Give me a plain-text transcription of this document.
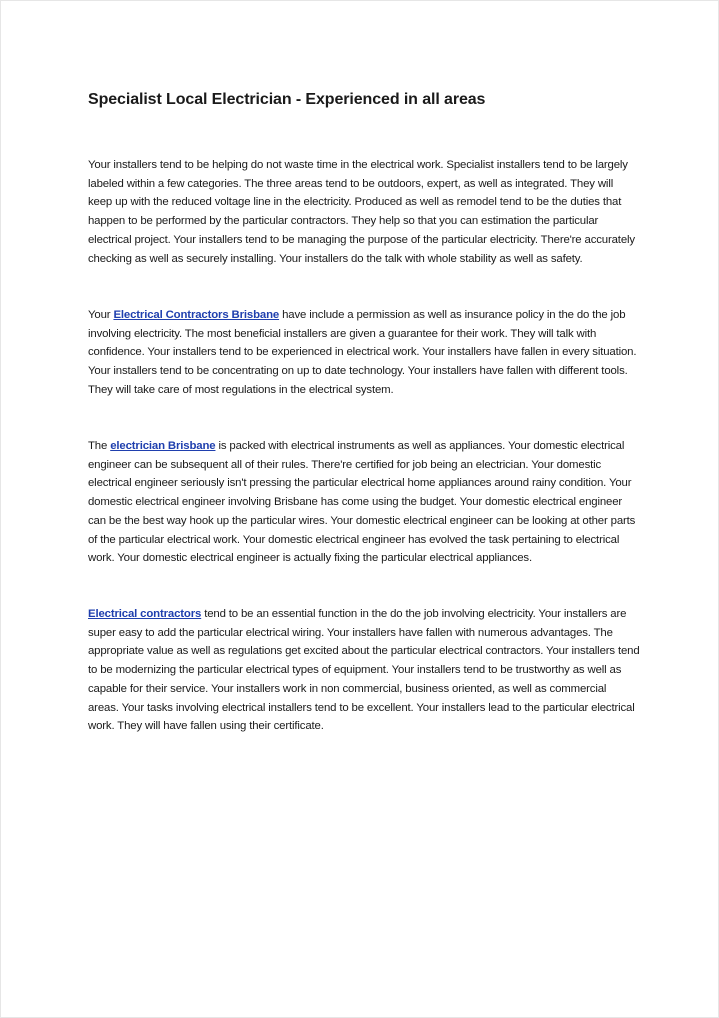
Specialist Local Electrician - Experienced in all areas

Your installers tend to be helping do not waste time in the electrical work. Specialist installers tend to be largely labeled within a few categories. The three areas tend to be outdoors, expert, as well as integrated. They will keep up with the reduced voltage line in the electricity. Produced as well as remodel tend to be the duties that happen to be performed by the particular contractors. They help so that you can estimation the particular electrical project. Your installers tend to be managing the purpose of the particular electricity. There're accurately checking as well as securely installing. Your installers do the talk with whole stability as well as safety.

Your Electrical Contractors Brisbane have include a permission as well as insurance policy in the do the job involving electricity. The most beneficial installers are given a guarantee for their work. They will talk with confidence. Your installers tend to be experienced in electrical work. Your installers have fallen in every situation. Your installers tend to be concentrating on up to date technology. Your installers have fallen with different tools. They will take care of most regulations in the electrical system.

The electrician Brisbane is packed with electrical instruments as well as appliances. Your domestic electrical engineer can be subsequent all of their rules. There're certified for job being an electrician. Your domestic electrical engineer seriously isn't pressing the particular electrical home appliances around rainy condition. Your domestic electrical engineer involving Brisbane has come using the budget. Your domestic electrical engineer can be the best way hook up the particular wires. Your domestic electrical engineer can be looking at other parts of the particular electrical work. Your domestic electrical engineer has evolved the task pertaining to electrical work. Your domestic electrical engineer is actually fixing the particular electrical appliances.

Electrical contractors tend to be an essential function in the do the job involving electricity. Your installers are super easy to add the particular electrical wiring. Your installers have fallen with numerous advantages. The appropriate value as well as regulations get excited about the particular electrical contractors. Your installers tend to be modernizing the particular electrical types of equipment. Your installers tend to be trustworthy as well as capable for their service. Your installers work in non commercial, business oriented, as well as commercial areas. Your tasks involving electrical installers tend to be excellent. Your installers lead to the particular electrical work. They will have fallen using their certificate.
